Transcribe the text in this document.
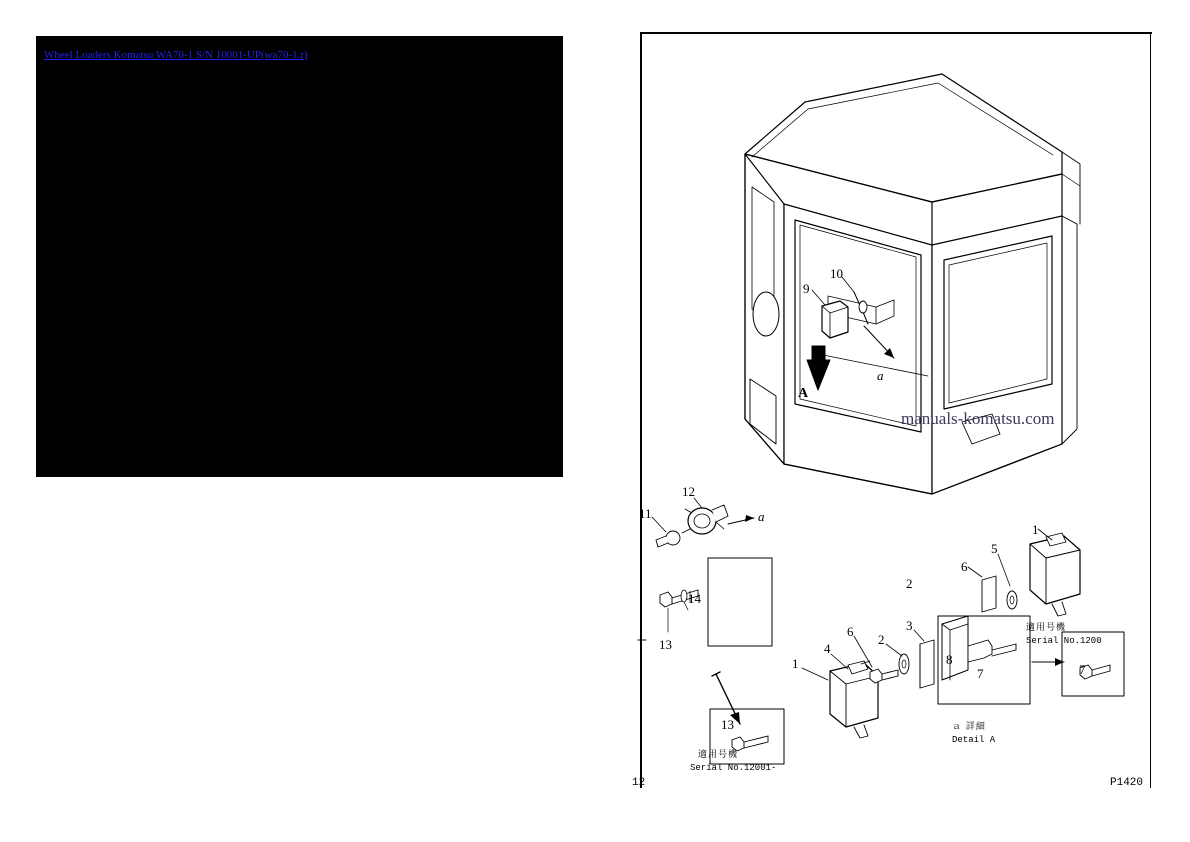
Wheel Loaders Komatsu WA70-1 S/N 10001-UP(wa70-1.r)
9
10
12
11
14
13
13
1
4
6
2
3
2
8
7
6
5
1
7
A
a
a
ａ 詳細
Detail A
適用号機
Serial No.1200
適用号機
Serial No.12001-
manuals-komatsu.com
12	P1420
